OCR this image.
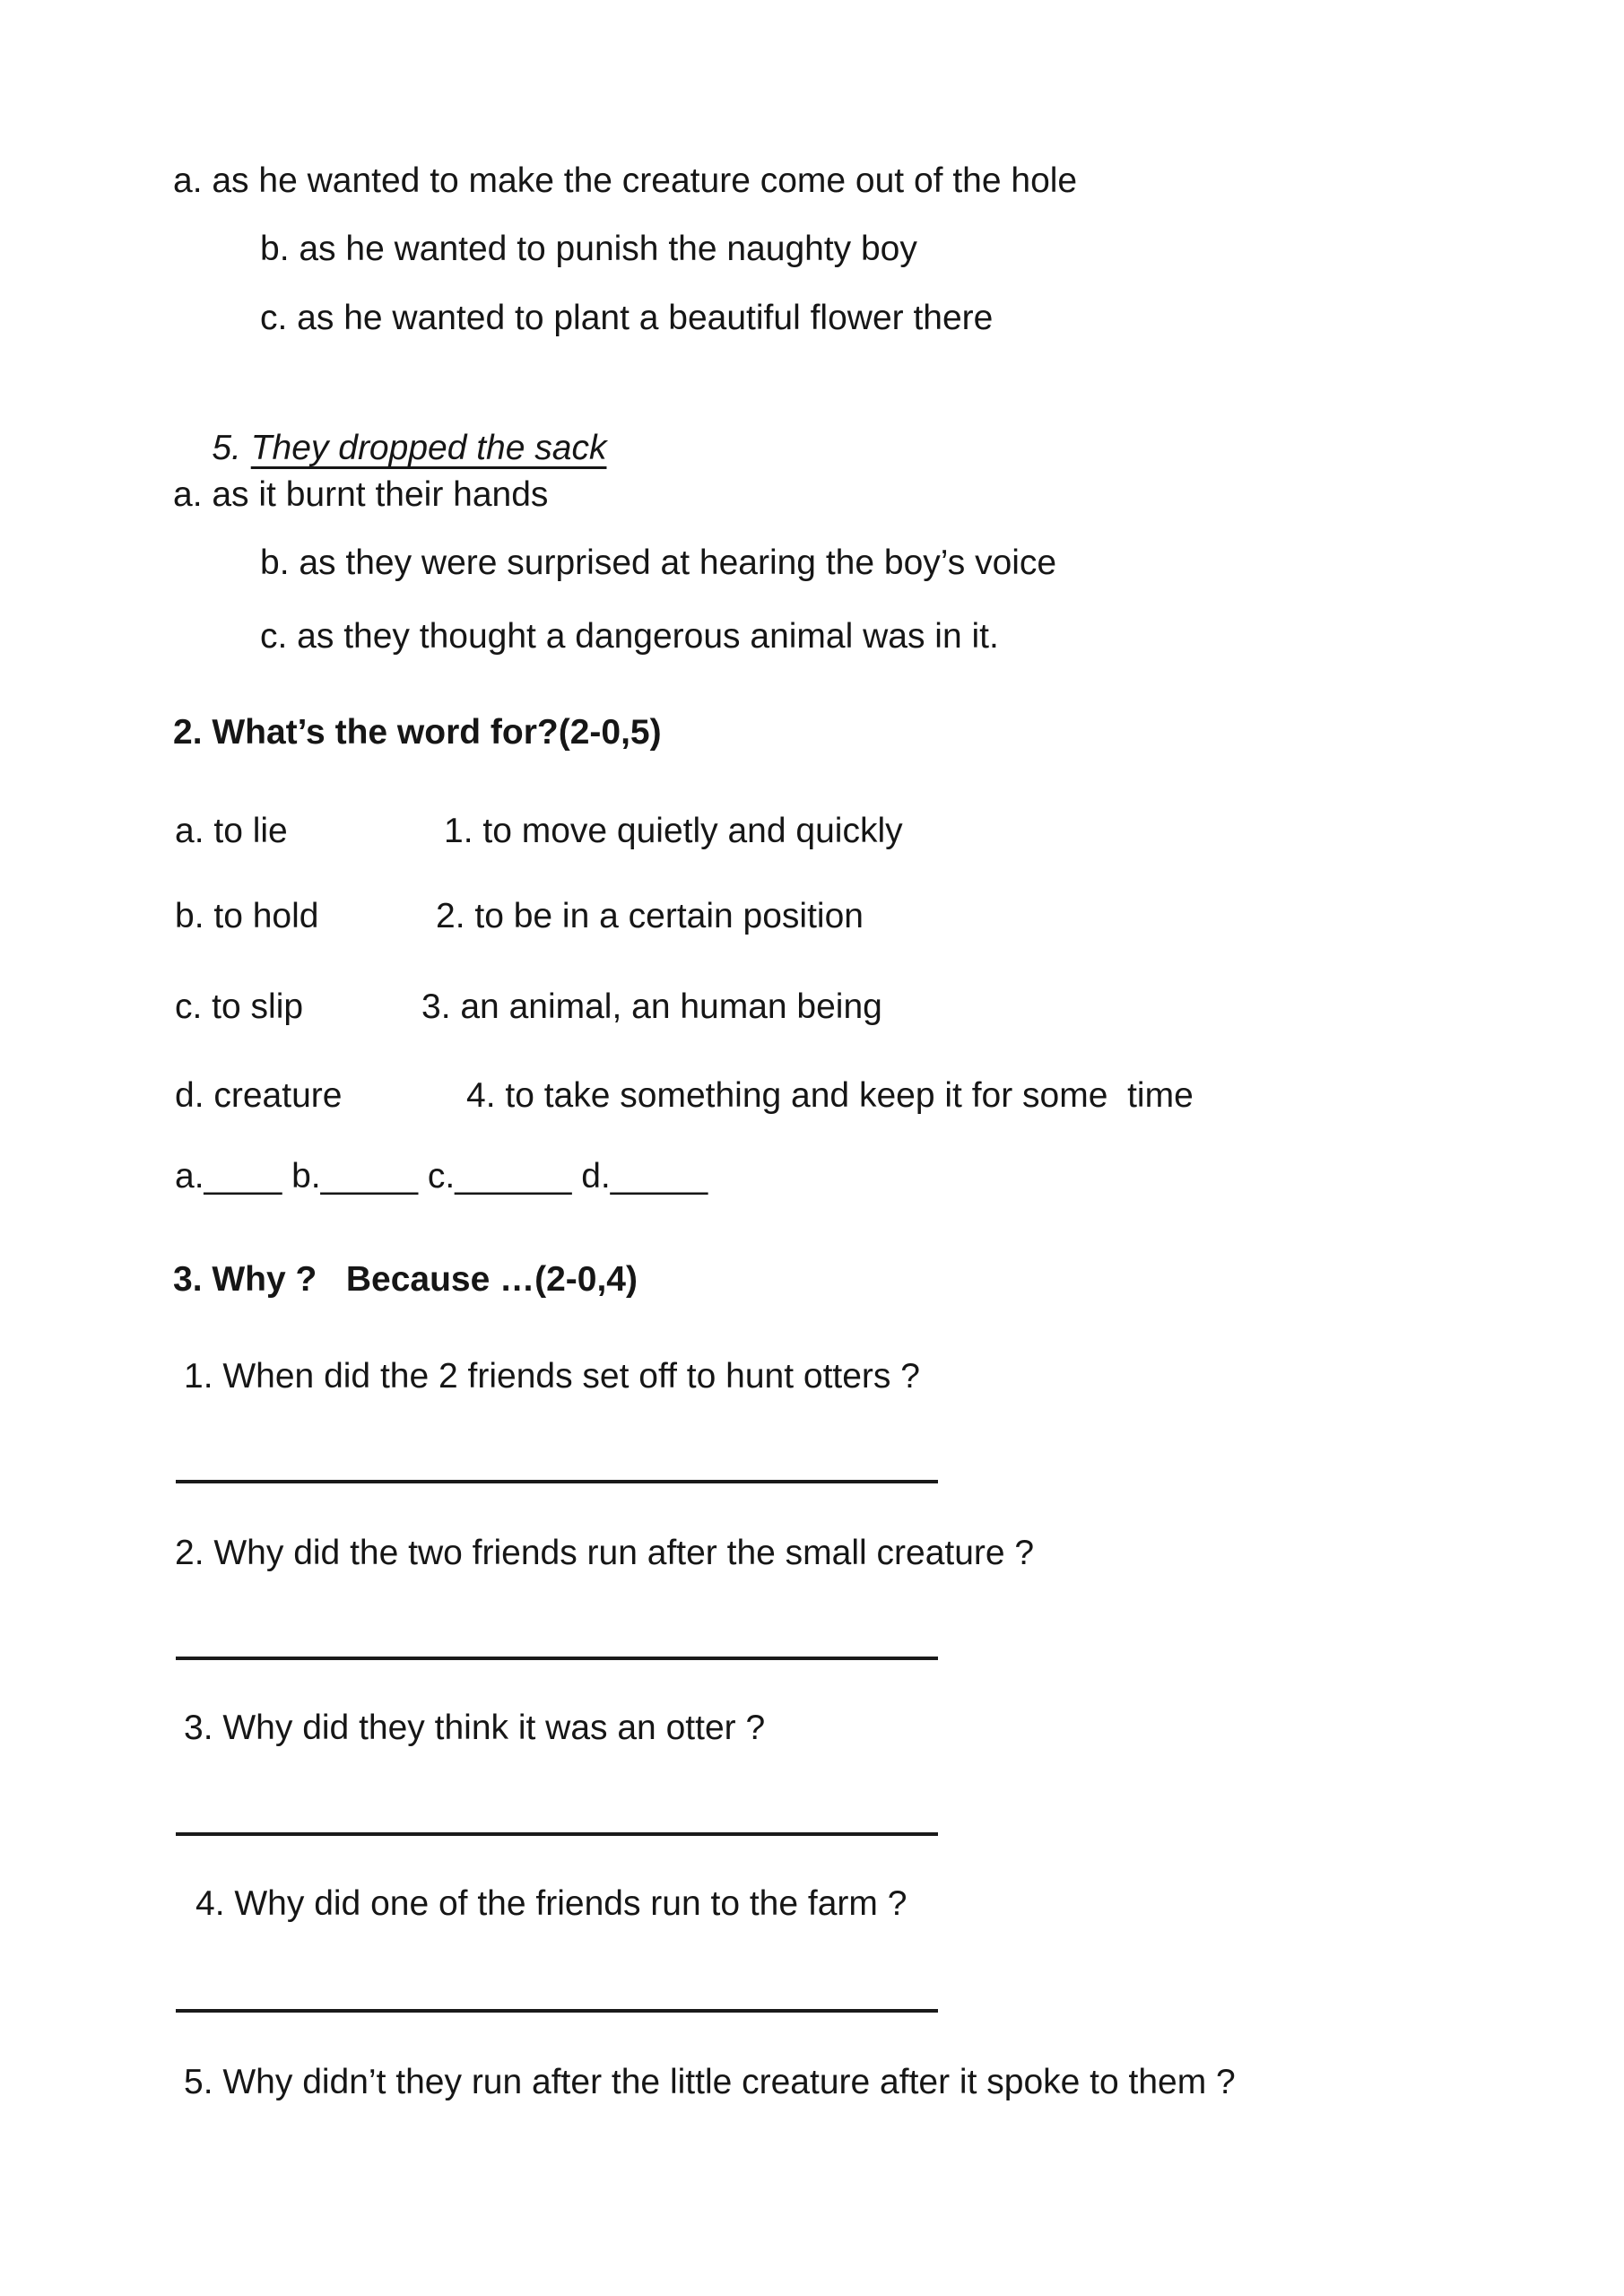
a. as he wanted to make the creature come out of the hole
b. as he wanted to punish the naughty boy
c. as he wanted to plant a beautiful flower there

5. They dropped the sack

a. as it burnt their hands
b. as they were surprised at hearing the boy’s voice
c. as they thought a dangerous animal was in it.
2. What’s the word for?(2-0,5)
a. to lie	1. to move quietly and quickly
b. to hold	2. to be in a certain position
c. to slip	3. an animal, an human being
d. creature	4. to take something and keep it for some  time
a.____ b._____ c.______ d._____
3. Why ?   Because …(2-0,4)
1. When did the 2 friends set off to hunt otters ?
2. Why did the two friends run after the small creature ?
3. Why did they think it was an otter ?
4. Why did one of the friends run to the farm ?
5. Why didn’t they run after the little creature after it spoke to them ?
